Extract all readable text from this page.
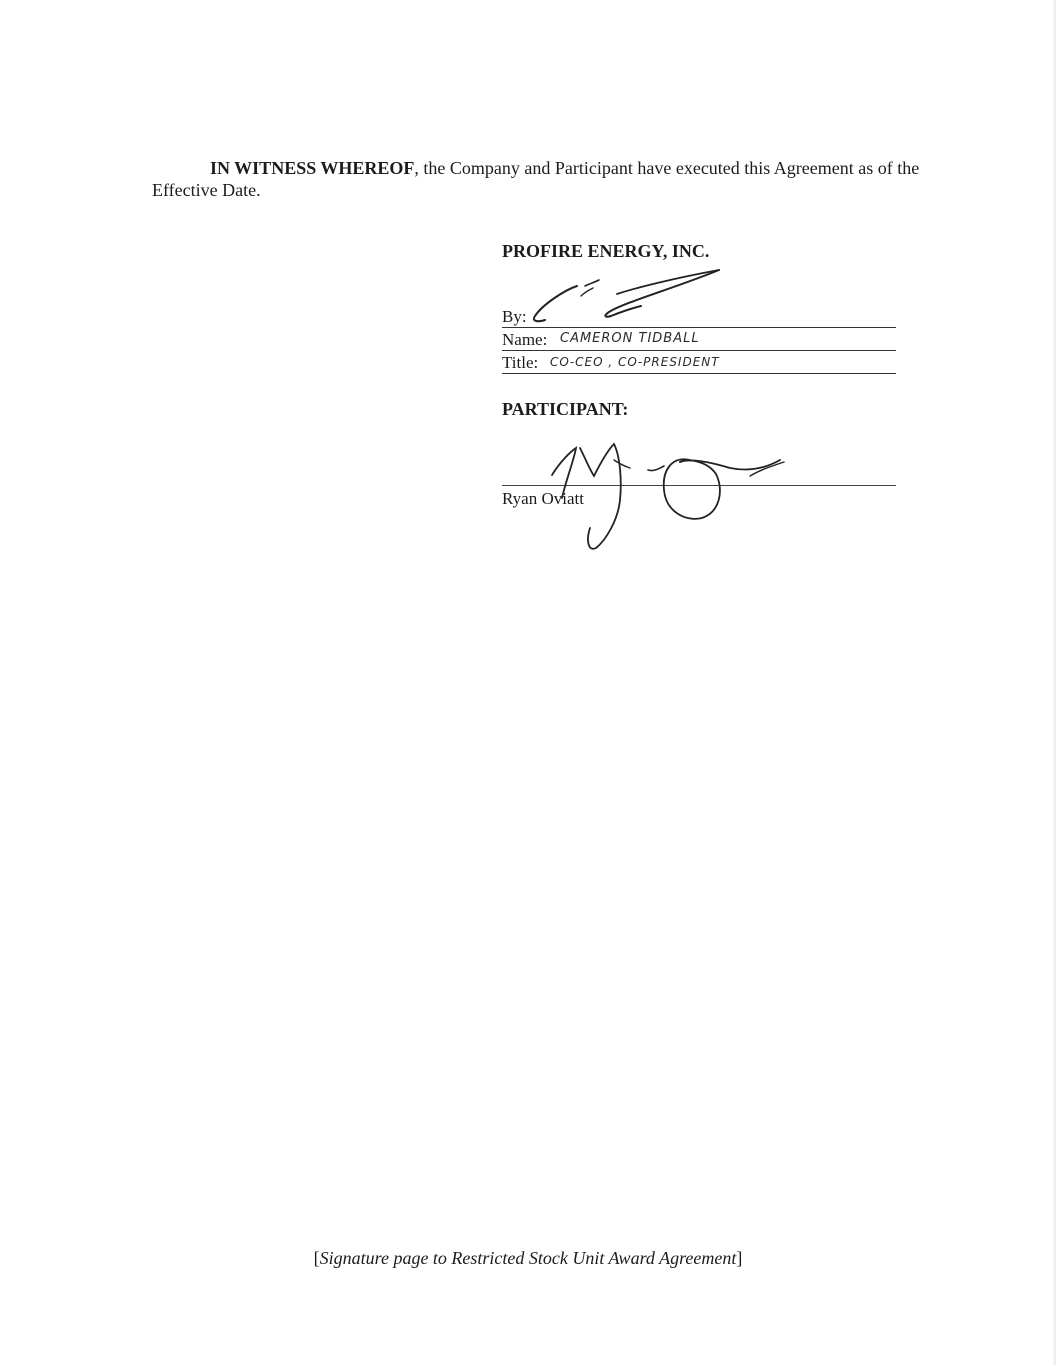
IN WITNESS WHEREOF, the Company and Participant have executed this Agreement as of the Effective Date.
PROFIRE ENERGY, INC.
By:
Name: CAMERON TIDBALL
Title: CO-CEO , CO-PRESIDENT
PARTICIPANT:
Ryan Oviatt
[Signature page to Restricted Stock Unit Award Agreement]
